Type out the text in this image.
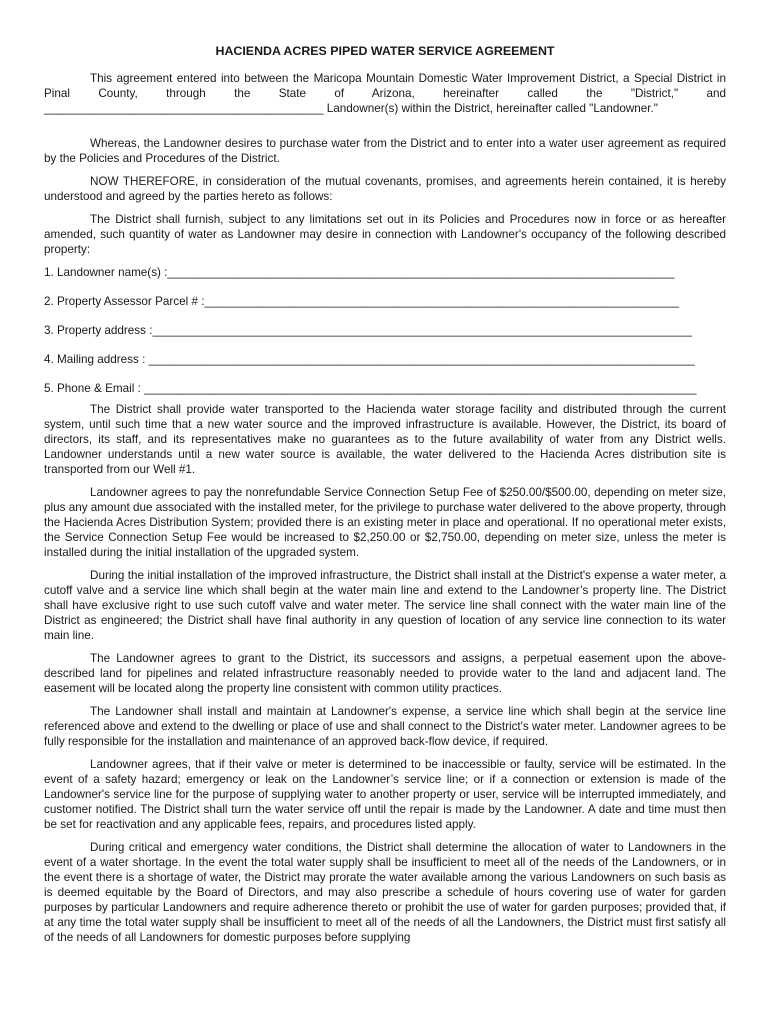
HACIENDA ACRES PIPED WATER SERVICE AGREEMENT
This agreement entered into between the Maricopa Mountain Domestic Water Improvement District, a Special District in Pinal County, through the State of Arizona, hereinafter called the "District," and ___________________________________________ Landowner(s) within the District, hereinafter called "Landowner."
Whereas, the Landowner desires to purchase water from the District and to enter into a water user agreement as required by the Policies and Procedures of the District.
NOW THEREFORE, in consideration of the mutual covenants, promises, and agreements herein contained, it is hereby understood and agreed by the parties hereto as follows:
The District shall furnish, subject to any limitations set out in its Policies and Procedures now in force or as hereafter amended, such quantity of water as Landowner may desire in connection with Landowner's occupancy of the following described property:
1. Landowner name(s) :______________________________________________________________________________
2. Property Assessor Parcel # :_________________________________________________________________________
3. Property address :___________________________________________________________________________________
4. Mailing address : ____________________________________________________________________________________
5. Phone & Email : _____________________________________________________________________________________
The District shall provide water transported to the Hacienda water storage facility and distributed through the current system, until such time that a new water source and the improved infrastructure is available. However, the District, its board of directors, its staff, and its representatives make no guarantees as to the future availability of water from any District wells. Landowner understands until a new water source is available, the water delivered to the Hacienda Acres distribution site is transported from our Well #1.
Landowner agrees to pay the nonrefundable Service Connection Setup Fee of $250.00/$500.00, depending on meter size, plus any amount due associated with the installed meter, for the privilege to purchase water delivered to the above property, through the Hacienda Acres Distribution System; provided there is an existing meter in place and operational. If no operational meter exists, the Service Connection Setup Fee would be increased to $2,250.00 or $2,750.00, depending on meter size, unless the meter is installed during the initial installation of the upgraded system.
During the initial installation of the improved infrastructure, the District shall install at the District's expense a water meter, a cutoff valve and a service line which shall begin at the water main line and extend to the Landowner’s property line. The District shall have exclusive right to use such cutoff valve and water meter. The service line shall connect with the water main line of the District as engineered; the District shall have final authority in any question of location of any service line connection to its water main line.
The Landowner agrees to grant to the District, its successors and assigns, a perpetual easement upon the above-described land for pipelines and related infrastructure reasonably needed to provide water to the land and adjacent land. The easement will be located along the property line consistent with common utility practices.
The Landowner shall install and maintain at Landowner's expense, a service line which shall begin at the service line referenced above and extend to the dwelling or place of use and shall connect to the District's water meter. Landowner agrees to be fully responsible for the installation and maintenance of an approved back-flow device, if required.
Landowner agrees, that if their valve or meter is determined to be inaccessible or faulty, service will be estimated. In the event of a safety hazard; emergency or leak on the Landowner’s service line; or if a connection or extension is made of the Landowner's service line for the purpose of supplying water to another property or user, service will be interrupted immediately, and customer notified. The District shall turn the water service off until the repair is made by the Landowner. A date and time must then be set for reactivation and any applicable fees, repairs, and procedures listed apply.
During critical and emergency water conditions, the District shall determine the allocation of water to Landowners in the event of a water shortage. In the event the total water supply shall be insufficient to meet all of the needs of the Landowners, or in the event there is a shortage of water, the District may prorate the water available among the various Landowners on such basis as is deemed equitable by the Board of Directors, and may also prescribe a schedule of hours covering use of water for garden purposes by particular Landowners and require adherence thereto or prohibit the use of water for garden purposes; provided that, if at any time the total water supply shall be insufficient to meet all of the needs of all the Landowners, the District must first satisfy all of the needs of all Landowners for domestic purposes before supplying
